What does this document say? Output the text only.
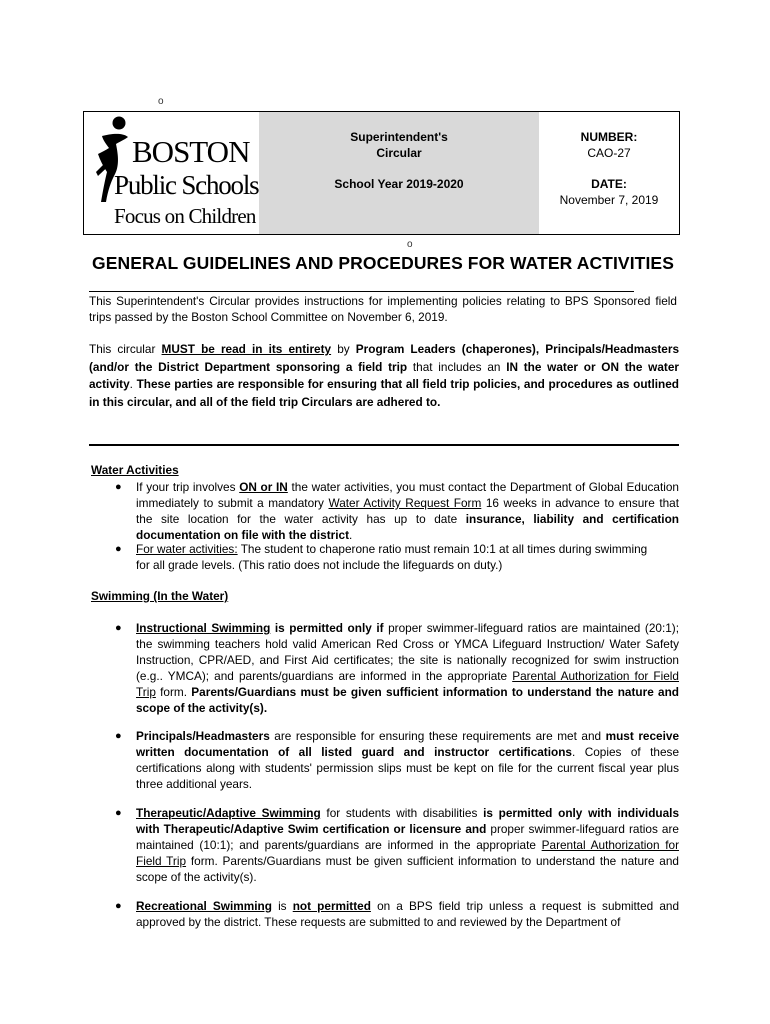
o
o
BOSTON
Public Schools
Focus on Children
Superintendent's
Circular
School Year 2019-2020
NUMBER:
CAO-27
DATE:
November 7, 2019
GENERAL GUIDELINES AND PROCEDURES FOR WATER ACTIVITIES
This Superintendent's Circular provides instructions for implementing policies relating to BPS Sponsored field trips passed by the Boston School Committee on November 6, 2019.
This circular MUST be read in its entirety by Program Leaders (chaperones), Principals/Headmasters (and/or the District Department sponsoring a field trip that includes an IN the water or ON the water activity. These parties are responsible for ensuring that all field trip policies, and procedures as outlined in this circular, and all of the field trip Circulars are adhered to.
Water Activities
● If your trip involves ON or IN the water activities, you must contact the Department of Global Education immediately to submit a mandatory Water Activity Request Form 16 weeks in advance to ensure that the site location for the water activity has up to date insurance, liability and certification documentation on file with the district.
● For water activities: The student to chaperone ratio must remain 10:1 at all times during swimming for all grade levels. (This ratio does not include the lifeguards on duty.)
Swimming (In the Water)
● Instructional Swimming is permitted only if proper swimmer-lifeguard ratios are maintained (20:1); the swimming teachers hold valid American Red Cross or YMCA Lifeguard Instruction/ Water Safety Instruction, CPR/AED, and First Aid certificates; the site is nationally recognized for swim instruction (e.g.. YMCA); and parents/guardians are informed in the appropriate Parental Authorization for Field Trip form. Parents/Guardians must be given sufficient information to understand the nature and scope of the activity(s).
● Principals/Headmasters are responsible for ensuring these requirements are met and must receive written documentation of all listed guard and instructor certifications. Copies of these certifications along with students' permission slips must be kept on file for the current fiscal year plus three additional years.
● Therapeutic/Adaptive Swimming for students with disabilities is permitted only with individuals with Therapeutic/Adaptive Swim certification or licensure and proper swimmer-lifeguard ratios are maintained (10:1); and parents/guardians are informed in the appropriate Parental Authorization for Field Trip form. Parents/Guardians must be given sufficient information to understand the nature and scope of the activity(s).
● Recreational Swimming is not permitted on a BPS field trip unless a request is submitted and approved by the district. These requests are submitted to and reviewed by the Department of
